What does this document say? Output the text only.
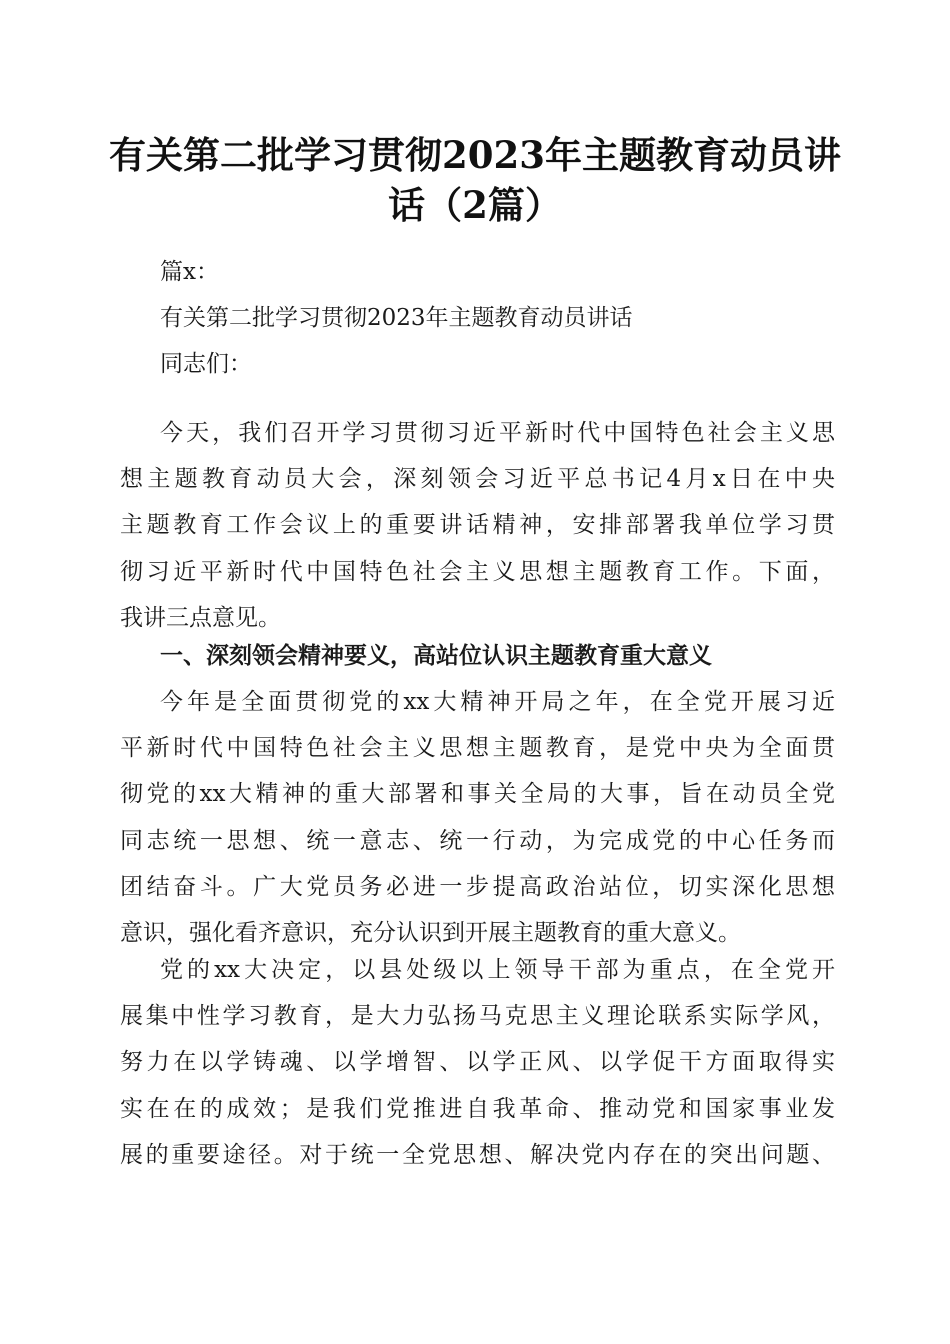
有关第二批学习贯彻2023年主题教育动员讲
话（2篇）
篇x：
有关第二批学习贯彻2023年主题教育动员讲话
同志们：
今天，我们召开学习贯彻习近平新时代中国特色社会主义思
想主题教育动员大会，深刻领会习近平总书记4月x日在中央
主题教育工作会议上的重要讲话精神，安排部署我单位学习贯
彻习近平新时代中国特色社会主义思想主题教育工作。下面，
我讲三点意见。
一、深刻领会精神要义，高站位认识主题教育重大意义
今年是全面贯彻党的xx大精神开局之年，在全党开展习近
平新时代中国特色社会主义思想主题教育，是党中央为全面贯
彻党的xx大精神的重大部署和事关全局的大事，旨在动员全党
同志统一思想、统一意志、统一行动，为完成党的中心任务而
团结奋斗。广大党员务必进一步提高政治站位，切实深化思想
意识，强化看齐意识，充分认识到开展主题教育的重大意义。
党的xx大决定，以县处级以上领导干部为重点，在全党开
展集中性学习教育，是大力弘扬马克思主义理论联系实际学风，
努力在以学铸魂、以学增智、以学正风、以学促干方面取得实
实在在的成效；是我们党推进自我革命、推动党和国家事业发
展的重要途径。对于统一全党思想、解决党内存在的突出问题、
